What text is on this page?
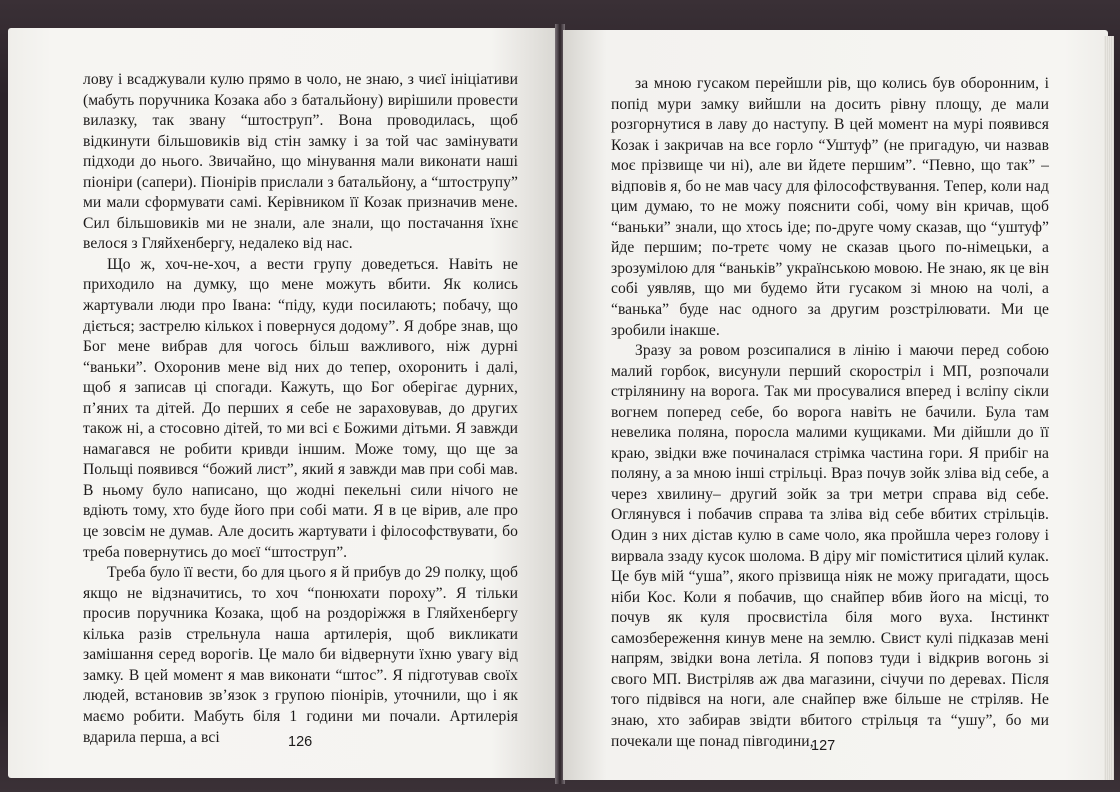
лову і всаджували кулю прямо в чоло, не знаю, з чиєї ініціативи (мабуть поручника Козака або з батальйону) вирішили провести вилазку, так звану “штоструп”. Вона проводилась, щоб відкинути більшовиків від стін замку і за той час замінувати підходи до нього. Звичайно, що мінування мали виконати наші піоніри (сапери). Піонірів прислали з батальйону, а “штострупу” ми мали сформувати самі. Керівником її Козак призначив мене. Сил більшовиків ми не знали, але знали, що постачання їхнє велося з Гляйхенбергу, недалеко від нас.

Що ж, хоч-не-хоч, а вести групу доведеться. Навіть не приходило на думку, що мене можуть вбити. Як колись жартували люди про Івана: “піду, куди посилають; побачу, що діється; застрелю кількох і повернуся додому”. Я добре знав, що Бог мене вибрав для чогось більш важливого, ніж дурні “ваньки”. Охоронив мене від них до тепер, охоронить і далі, щоб я записав ці спогади. Кажуть, що Бог оберігає дурних, п’яних та дітей. До перших я себе не зараховував, до других також ні, а стосовно дітей, то ми всі є Божими дітьми. Я завжди намагався не робити кривди іншим. Може тому, що ще за Польщі появився “божий лист”, який я завжди мав при собі мав. В ньому було написано, що жодні пекельні сили нічого не вдіють тому, хто буде його при собі мати. Я в це вірив, але про це зовсім не думав. Але досить жартувати і філософствувати, бо треба повернутись до моєї “штоструп”.

Треба було її вести, бо для цього я й прибув до 29 полку, щоб якщо не відзначитись, то хоч “понюхати пороху”. Я тільки просив поручника Козака, щоб на роздоріжжя в Гляйхенбергу кілька разів стрельнула наша артилерія, щоб викликати замішання серед ворогів. Це мало би відвернути їхню увагу від замку. В цей момент я мав виконати “штос”. Я підготував своїх людей, встановив зв’язок з групою піонірів, уточнили, що і як маємо робити. Мабуть біля 1 години ми почали. Артилерія вдарила перша, а всі	126

за мною гусаком перейшли рів, що колись був оборонним, і попід мури замку вийшли на досить рівну площу, де мали розгорнутися в лаву до наступу. В цей момент на мурі появився Козак і закричав на все горло “Уштуф” (не пригадую, чи назвав моє прізвище чи ні), але ви йдете першим”. “Певно, що так” – відповів я, бо не мав часу для філософствування. Тепер, коли над цим думаю, то не можу пояснити собі, чому він кричав, щоб “ваньки” знали, що хтось іде; по-друге чому сказав, що “уштуф” йде першим; по-третє чому не сказав цього по-німецьки, а зрозумілою для “ваньків” українською мовою. Не знаю, як це він собі уявляв, що ми будемо йти гусаком зі мною на чолі, а “ванька” буде нас одного за другим розстрілювати. Ми це зробили інакше.

Зразу за ровом розсипалися в лінію і маючи перед собою малий горбок, висунули перший скоростріл і МП, розпочали стрілянину на ворога. Так ми просувалися вперед і вслiпу сікли вогнем поперед себе, бо ворога навіть не бачили. Була там невелика поляна, поросла малими кущиками. Ми дійшли до її краю, звідки вже починалася стрімка частина гори. Я прибіг на поляну, а за мною інші стрільці. Враз почув зойк зліва від себе, а через хвилину– другий зойк за три метри справа від себе. Оглянувся і побачив справа та зліва від себе вбитих стрільців. Один з них дістав кулю в саме чоло, яка пройшла через голову і вирвала ззаду кусок шолома. В діру міг поміститися цілий кулак. Це був мій “уша”, якого прізвища ніяк не можу пригадати, щось ніби Кос. Коли я побачив, що снайпер вбив його на місці, то почув як куля просвистіла біля мого вуха. Інстинкт самозбереження кинув мене на землю. Свист кулі підказав мені напрям, звідки вона летіла. Я поповз туди і відкрив вогонь зі свого МП. Вистріляв аж два магазини, січучи по деревах. Після того підвівся на ноги, але снайпер вже більше не стріляв. Не знаю, хто забирав звідти вбитого стрільця та “ушу”, бо ми почекали ще понад півгодини,

127
